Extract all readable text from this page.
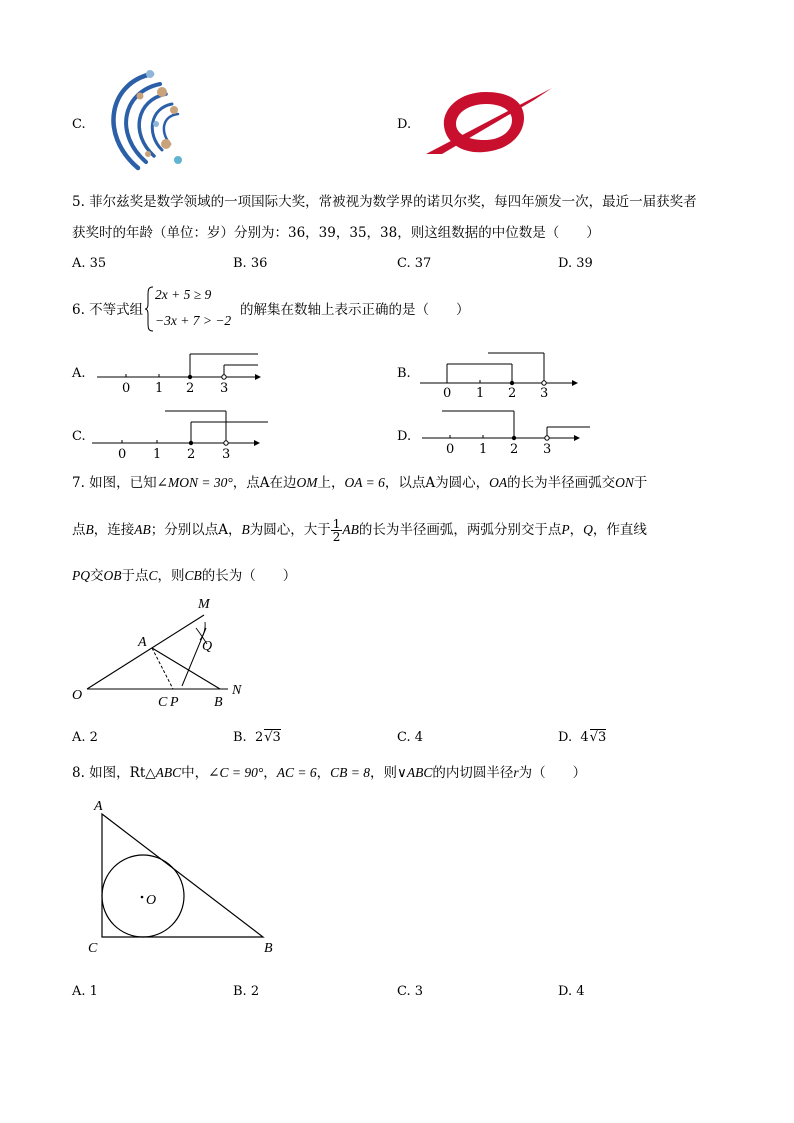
C.	D.
5. 菲尔兹奖是数学领域的一项国际大奖，常被视为数学界的诺贝尔奖，每四年颁发一次，最近一届获奖者
获奖时的年龄（单位：岁）分别为：36，39，35，38，则这组数据的中位数是（　　）
A. 35	B. 36	C. 37	D. 39
6. 不等式组
2x + 5 ≥ 9
−3x + 7 > −2
的解集在数轴上表示正确的是（　　）
A.
0 1 2 3
B.
0 1 2 3
C.
0 1 2 3
D.
0 1 2 3
7. 如图，已知∠MON = 30°，点A在边OM上，OA = 6，以点A为圆心，OA的长为半径画弧交ON于
点B，连接AB；分别以点A，B为圆心，大于 $\frac{1}{2}$ AB的长为半径画弧，两弧分别交于点P，Q，作直线
PQ交OB于点C，则CB的长为（　　）
M
A	Q
O	C P	B
N
A. 2	B. 2√3	C. 4	D. 4√3
8. 如图，Rt△ABC中，∠C = 90°，AC = 6，CB = 8，则∨ABC的内切圆半径r为（　　）
A
O
C	B
A. 1	B. 2	C. 3	D. 4
